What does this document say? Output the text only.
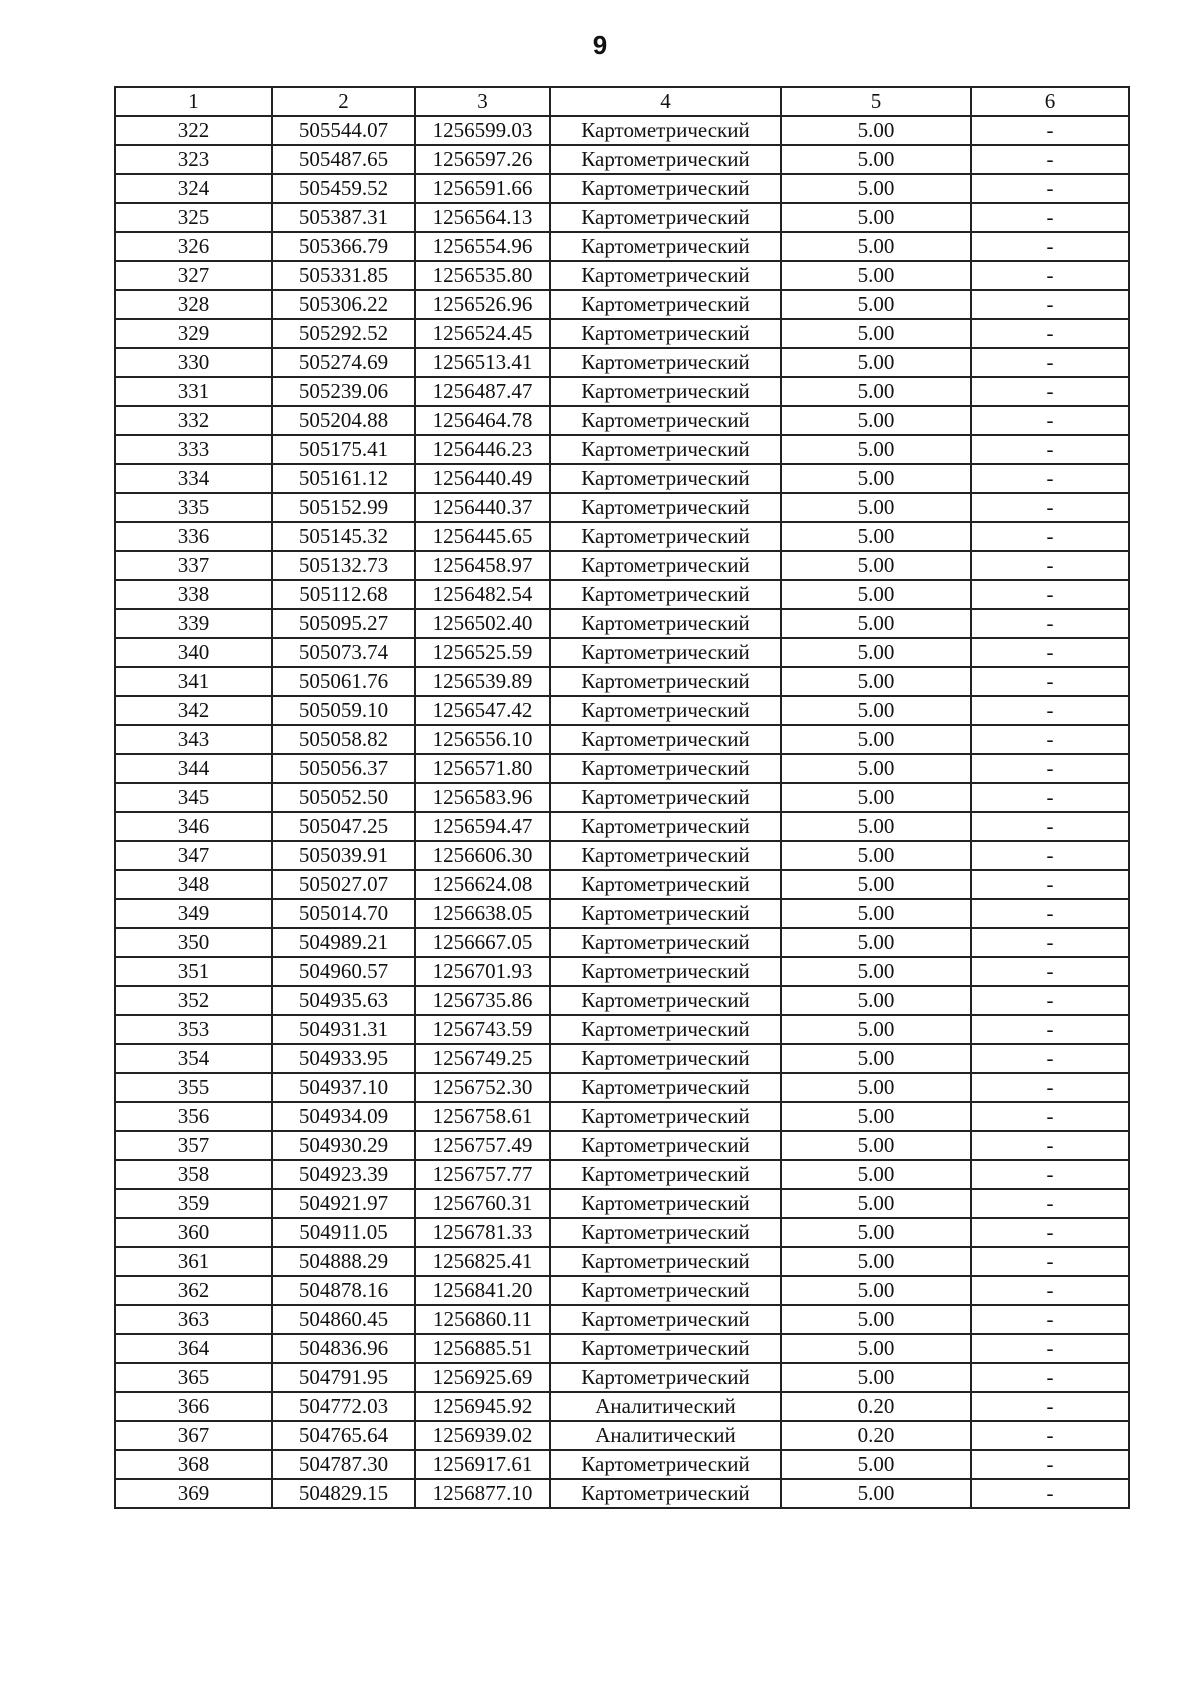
9
1	2	3	4	5	6
322	505544.07	1256599.03	Картометрический	5.00	-
323	505487.65	1256597.26	Картометрический	5.00	-
324	505459.52	1256591.66	Картометрический	5.00	-
325	505387.31	1256564.13	Картометрический	5.00	-
326	505366.79	1256554.96	Картометрический	5.00	-
327	505331.85	1256535.80	Картометрический	5.00	-
328	505306.22	1256526.96	Картометрический	5.00	-
329	505292.52	1256524.45	Картометрический	5.00	-
330	505274.69	1256513.41	Картометрический	5.00	-
331	505239.06	1256487.47	Картометрический	5.00	-
332	505204.88	1256464.78	Картометрический	5.00	-
333	505175.41	1256446.23	Картометрический	5.00	-
334	505161.12	1256440.49	Картометрический	5.00	-
335	505152.99	1256440.37	Картометрический	5.00	-
336	505145.32	1256445.65	Картометрический	5.00	-
337	505132.73	1256458.97	Картометрический	5.00	-
338	505112.68	1256482.54	Картометрический	5.00	-
339	505095.27	1256502.40	Картометрический	5.00	-
340	505073.74	1256525.59	Картометрический	5.00	-
341	505061.76	1256539.89	Картометрический	5.00	-
342	505059.10	1256547.42	Картометрический	5.00	-
343	505058.82	1256556.10	Картометрический	5.00	-
344	505056.37	1256571.80	Картометрический	5.00	-
345	505052.50	1256583.96	Картометрический	5.00	-
346	505047.25	1256594.47	Картометрический	5.00	-
347	505039.91	1256606.30	Картометрический	5.00	-
348	505027.07	1256624.08	Картометрический	5.00	-
349	505014.70	1256638.05	Картометрический	5.00	-
350	504989.21	1256667.05	Картометрический	5.00	-
351	504960.57	1256701.93	Картометрический	5.00	-
352	504935.63	1256735.86	Картометрический	5.00	-
353	504931.31	1256743.59	Картометрический	5.00	-
354	504933.95	1256749.25	Картометрический	5.00	-
355	504937.10	1256752.30	Картометрический	5.00	-
356	504934.09	1256758.61	Картометрический	5.00	-
357	504930.29	1256757.49	Картометрический	5.00	-
358	504923.39	1256757.77	Картометрический	5.00	-
359	504921.97	1256760.31	Картометрический	5.00	-
360	504911.05	1256781.33	Картометрический	5.00	-
361	504888.29	1256825.41	Картометрический	5.00	-
362	504878.16	1256841.20	Картометрический	5.00	-
363	504860.45	1256860.11	Картометрический	5.00	-
364	504836.96	1256885.51	Картометрический	5.00	-
365	504791.95	1256925.69	Картометрический	5.00	-
366	504772.03	1256945.92	Аналитический	0.20	-
367	504765.64	1256939.02	Аналитический	0.20	-
368	504787.30	1256917.61	Картометрический	5.00	-
369	504829.15	1256877.10	Картометрический	5.00	-
